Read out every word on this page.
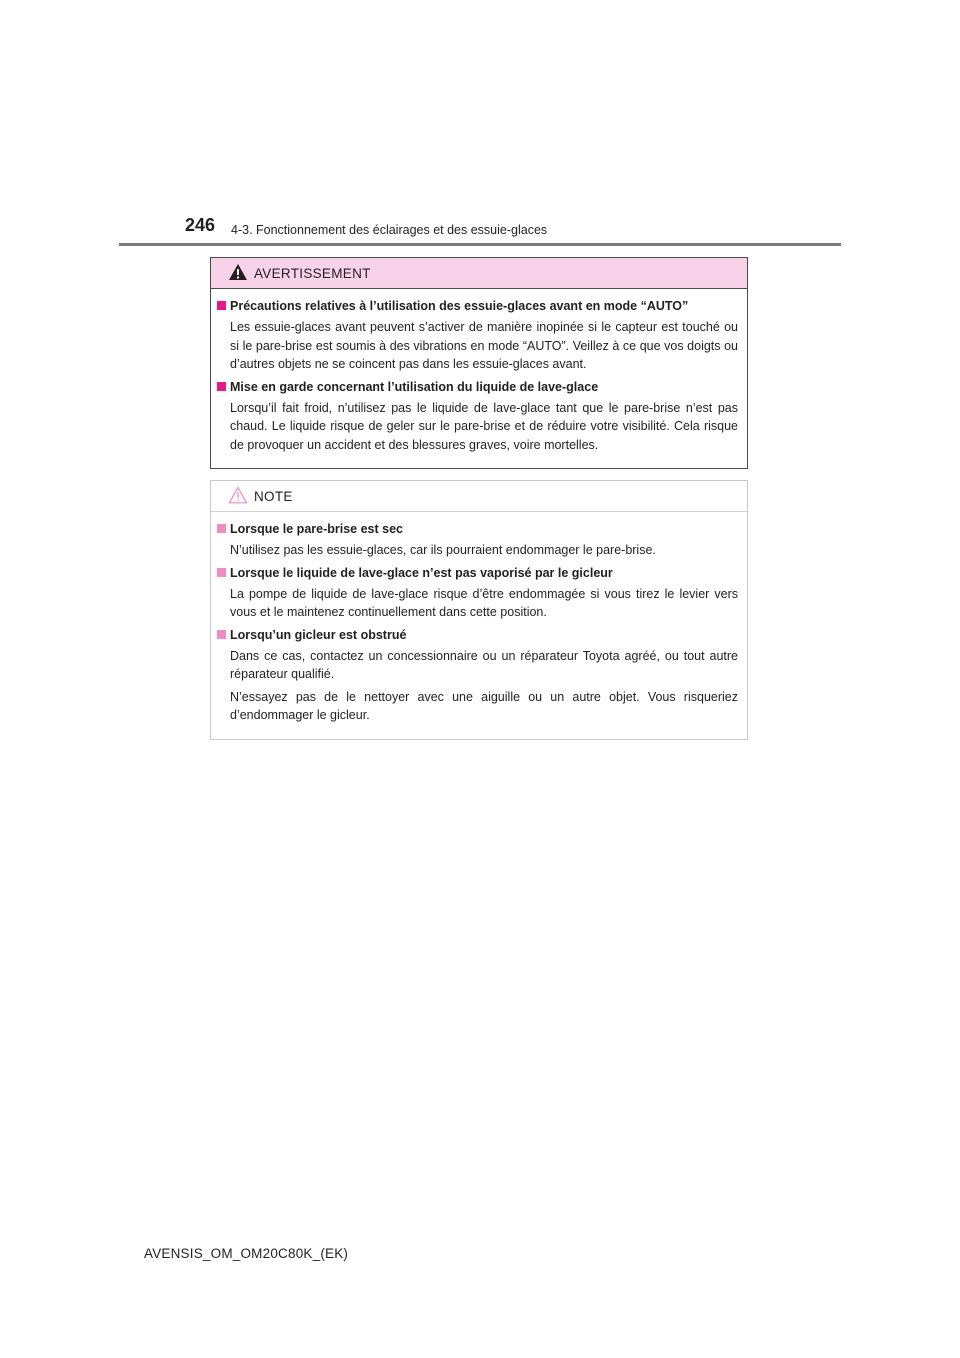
246 4-3. Fonctionnement des éclairages et des essuie-glaces
AVERTISSEMENT
Précautions relatives à l’utilisation des essuie-glaces avant en mode “AUTO”
Les essuie-glaces avant peuvent s’activer de manière inopinée si le capteur est touché ou si le pare-brise est soumis à des vibrations en mode “AUTO”. Veillez à ce que vos doigts ou d’autres objets ne se coincent pas dans les essuie-glaces avant.
Mise en garde concernant l’utilisation du liquide de lave-glace
Lorsqu’il fait froid, n’utilisez pas le liquide de lave-glace tant que le pare-brise n’est pas chaud. Le liquide risque de geler sur le pare-brise et de réduire votre visibilité. Cela risque de provoquer un accident et des blessures graves, voire mortelles.
NOTE
Lorsque le pare-brise est sec
N’utilisez pas les essuie-glaces, car ils pourraient endommager le pare-brise.
Lorsque le liquide de lave-glace n’est pas vaporisé par le gicleur
La pompe de liquide de lave-glace risque d’être endommagée si vous tirez le levier vers vous et le maintenez continuellement dans cette position.
Lorsqu’un gicleur est obstrué
Dans ce cas, contactez un concessionnaire ou un réparateur Toyota agréé, ou tout autre réparateur qualifié.
N’essayez pas de le nettoyer avec une aiguille ou un autre objet. Vous risqueriez d’endommager le gicleur.
AVENSIS_OM_OM20C80K_(EK)
